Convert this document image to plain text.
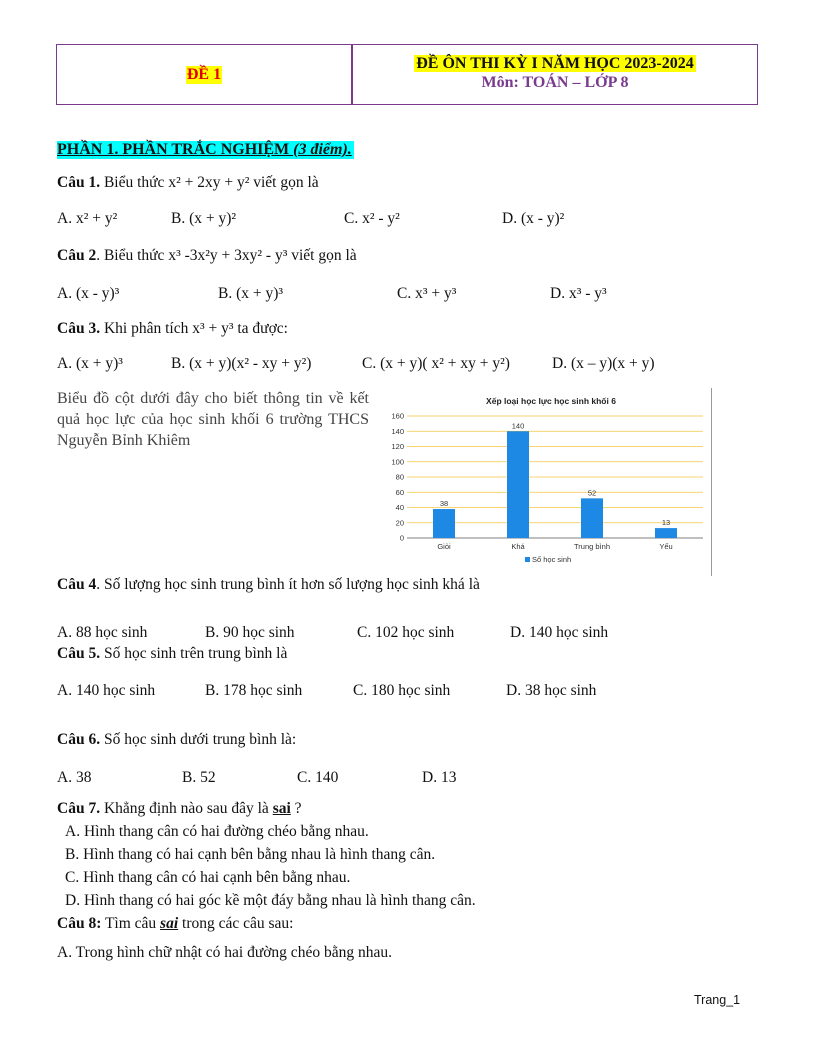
ĐỀ 1
ĐỀ ÔN THI KỲ I NĂM HỌC 2023-2024
Môn: TOÁN – LỚP 8
PHẦN 1. PHẦN TRẮC NGHIỆM (3 điểm).
Câu 1. Biểu thức x² + 2xy + y² viết gọn là
A. x² + y²	B. (x + y)²	C. x² - y²	D. (x - y)²
Câu 2. Biểu thức x³ -3x²y + 3xy² - y³ viết gọn là
A. (x - y)³	B. (x + y)³	C. x³ + y³	D. x³ - y³
Câu 3. Khi phân tích x³ + y³ ta được:
A. (x + y)³	B. (x + y)(x² - xy + y²)	C. (x + y)( x² + xy + y²)	D. (x – y)(x + y)
Biểu đồ cột dưới đây cho biết thông tin về kết quả học lực của học sinh khối 6 trường THCS Nguyễn Bỉnh Khiêm
Xếp loại học lực học sinh khối 6
0
20
40
60
80
100
120
140
160
38
140
52
13
Giỏi	Khá	Trung bình	Yếu
Số học sinh
Câu 4. Số lượng học sinh trung bình ít hơn số lượng học sinh khá là
A. 88 học sinh	B. 90 học sinh	C. 102 học sinh	D. 140 học sinh
Câu 5. Số học sinh trên trung bình là
A. 140 học sinh	B. 178 học sinh	C. 180 học sinh	D. 38 học sinh
Câu 6. Số học sinh dưới trung bình là:
A. 38	B. 52	C. 140	D. 13
Câu 7. Khẳng định nào sau đây là sai ?
A. Hình thang cân có hai đường chéo bằng nhau.
B. Hình thang có hai cạnh bên bằng nhau là hình thang cân.
C. Hình thang cân có hai cạnh bên bằng nhau.
D. Hình thang có hai góc kề một đáy bằng nhau là hình thang cân.
Câu 8: Tìm câu sai trong các câu sau:
A. Trong hình chữ nhật có hai đường chéo bằng nhau.
Trang_1
